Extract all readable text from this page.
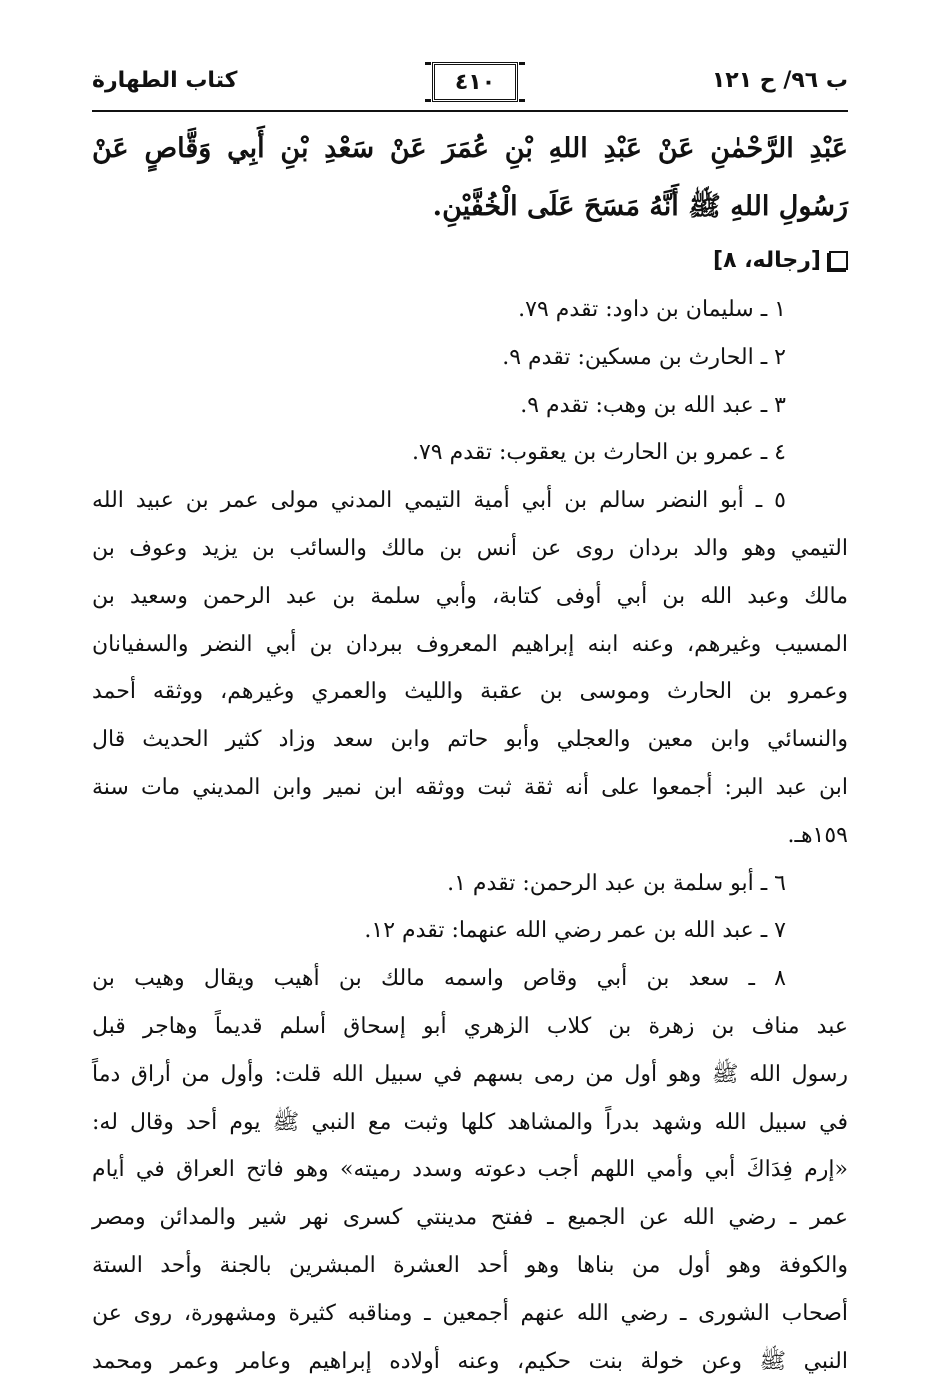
ب ٩٦/ ح ١٢١
٤١٠
كتاب الطهارة
عَبْدِ الرَّحْمٰنِ عَنْ عَبْدِ اللهِ بْنِ عُمَرَ عَنْ سَعْدِ بْنِ أَبِي وَقَّاصٍ عَنْ رَسُولِ اللهِ ﷺ أَنَّهُ مَسَحَ عَلَى الْخُفَّيْنِ.
[رجاله، ٨]
١ ـ سليمان بن داود: تقدم ٧٩.
٢ ـ الحارث بن مسكين: تقدم ٩.
٣ ـ عبد الله بن وهب: تقدم ٩.
٤ ـ عمرو بن الحارث بن يعقوب: تقدم ٧٩.
٥ ـ أبو النضر سالم بن أبي أمية التيمي المدني مولى عمر بن عبيد الله
التيمي وهو والد بردان روى عن أنس بن مالك والسائب بن يزيد وعوف بن
مالك وعبد الله بن أبي أوفى كتابة، وأبي سلمة بن عبد الرحمن وسعيد بن
المسيب وغيرهم، وعنه ابنه إبراهيم المعروف ببردان بن أبي النضر والسفيانان
وعمرو بن الحارث وموسى بن عقبة والليث والعمري وغيرهم، ووثقه أحمد
والنسائي وابن معين والعجلي وأبو حاتم وابن سعد وزاد كثير الحديث قال
ابن عبد البر: أجمعوا على أنه ثقة ثبت ووثقه ابن نمير وابن المديني مات سنة
١٥٩هـ.
٦ ـ أبو سلمة بن عبد الرحمن: تقدم ١.
٧ ـ عبد الله بن عمر رضي الله عنهما: تقدم ١٢.
٨ ـ سعد بن أبي وقاص واسمه مالك بن أهيب ويقال وهيب بن
عبد مناف بن زهرة بن كلاب الزهري أبو إسحاق أسلم قديماً وهاجر قبل
رسول الله ﷺ وهو أول من رمى بسهم في سبيل الله قلت: وأول من أراق دماً
في سبيل الله وشهد بدراً والمشاهد كلها وثبت مع النبي ﷺ يوم أحد وقال له:
«إرم فِدَاكَ أبي وأمي اللهم أجب دعوته وسدد رميته» وهو فاتح العراق في أيام
عمر ـ رضي الله عن الجميع ـ ففتح مدينتي كسرى نهر شير والمدائن ومصر
والكوفة وهو أول من بناها وهو أحد العشرة المبشرين بالجنة وأحد الستة
أصحاب الشورى ـ رضي الله عنهم أجمعين ـ ومناقبه كثيرة ومشهورة، روى عن
النبي ﷺ وعن خولة بنت حكيم، وعنه أولاده إبراهيم وعامر وعمر ومحمد
